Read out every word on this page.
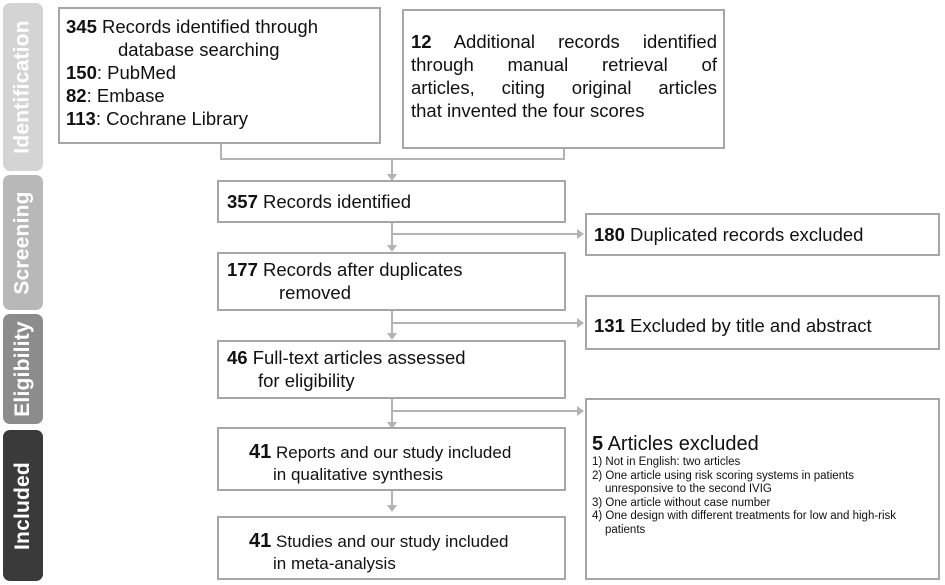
Identification
Screening
Eligibility
Included
345 Records identified through
database searching
150: PubMed
82: Embase
113: Cochrane Library
12 Additional records identified
through manual retrieval of
articles, citing original articles
that invented the four scores
357 Records identified
180 Duplicated records excluded
177 Records after duplicates
removed
131 Excluded by title and abstract
46 Full-text articles assessed
for eligibility
5 Articles excluded
1) Not in English: two articles
2) One article using risk scoring systems in patients
unresponsive to the second IVIG
3) One article without case number
4) One design with different treatments for low and high-risk
patients
41 Reports and our study included
in qualitative synthesis
41 Studies and our study included
in meta-analysis
